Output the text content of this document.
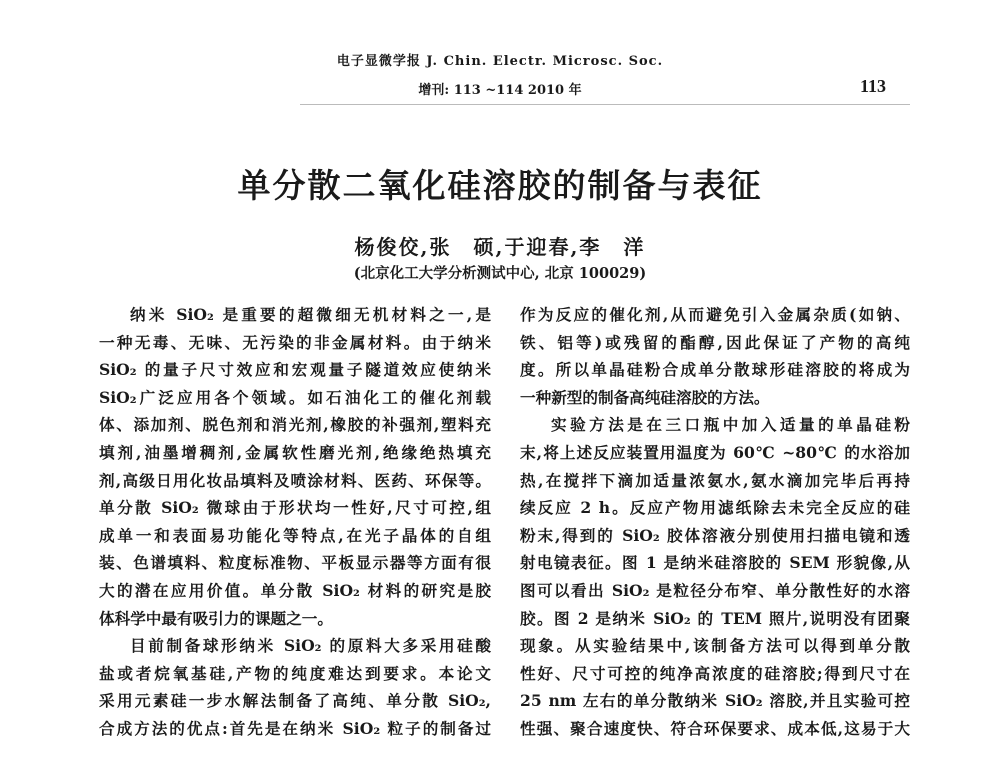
电子显微学报 J. Chin. Electr. Microsc. Soc.
增刊: 113 ~114 2010 年	113
单分散二氧化硅溶胶的制备与表征
杨俊佼,张　硕,于迎春,李　洋
(北京化工大学分析测试中心, 北京 100029)
纳米 SiO₂ 是重要的超微细无机材料之一,是
一种无毒、无味、无污染的非金属材料。由于纳米
SiO₂ 的量子尺寸效应和宏观量子隧道效应使纳米
SiO₂广泛应用各个领域。如石油化工的催化剂载
体、添加剂、脱色剂和消光剂,橡胶的补强剂,塑料充
填剂,油墨增稠剂,金属软性磨光剂,绝缘绝热填充
剂,高级日用化妆品填料及喷涂材料、医药、环保等。
单分散 SiO₂ 微球由于形状均一性好,尺寸可控,组
成单一和表面易功能化等特点,在光子晶体的自组
装、色谱填料、粒度标准物、平板显示器等方面有很
大的潜在应用价值。单分散 SiO₂ 材料的研究是胶
体科学中最有吸引力的课题之一。
目前制备球形纳米 SiO₂ 的原料大多采用硅酸
盐或者烷氧基硅,产物的纯度难达到要求。本论文
采用元素硅一步水解法制备了高纯、单分散 SiO₂,
合成方法的优点:首先是在纳米 SiO₂ 粒子的制备过
作为反应的催化剂,从而避免引入金属杂质(如钠、
铁、铝等)或残留的酯醇,因此保证了产物的高纯
度。所以单晶硅粉合成单分散球形硅溶胶的将成为
一种新型的制备高纯硅溶胶的方法。
实验方法是在三口瓶中加入适量的单晶硅粉
末,将上述反应装置用温度为 60℃ ~80℃ 的水浴加
热,在搅拌下滴加适量浓氨水,氨水滴加完毕后再持
续反应 2 h。反应产物用滤纸除去未完全反应的硅
粉末,得到的 SiO₂ 胶体溶液分别使用扫描电镜和透
射电镜表征。图 1 是纳米硅溶胶的 SEM 形貌像,从
图可以看出 SiO₂ 是粒径分布窄、单分散性好的水溶
胶。图 2 是纳米 SiO₂ 的 TEM 照片,说明没有团聚
现象。从实验结果中,该制备方法可以得到单分散
性好、尺寸可控的纯净高浓度的硅溶胶;得到尺寸在
25 nm 左右的单分散纳米 SiO₂ 溶胶,并且实验可控
性强、聚合速度快、符合环保要求、成本低,这易于大
